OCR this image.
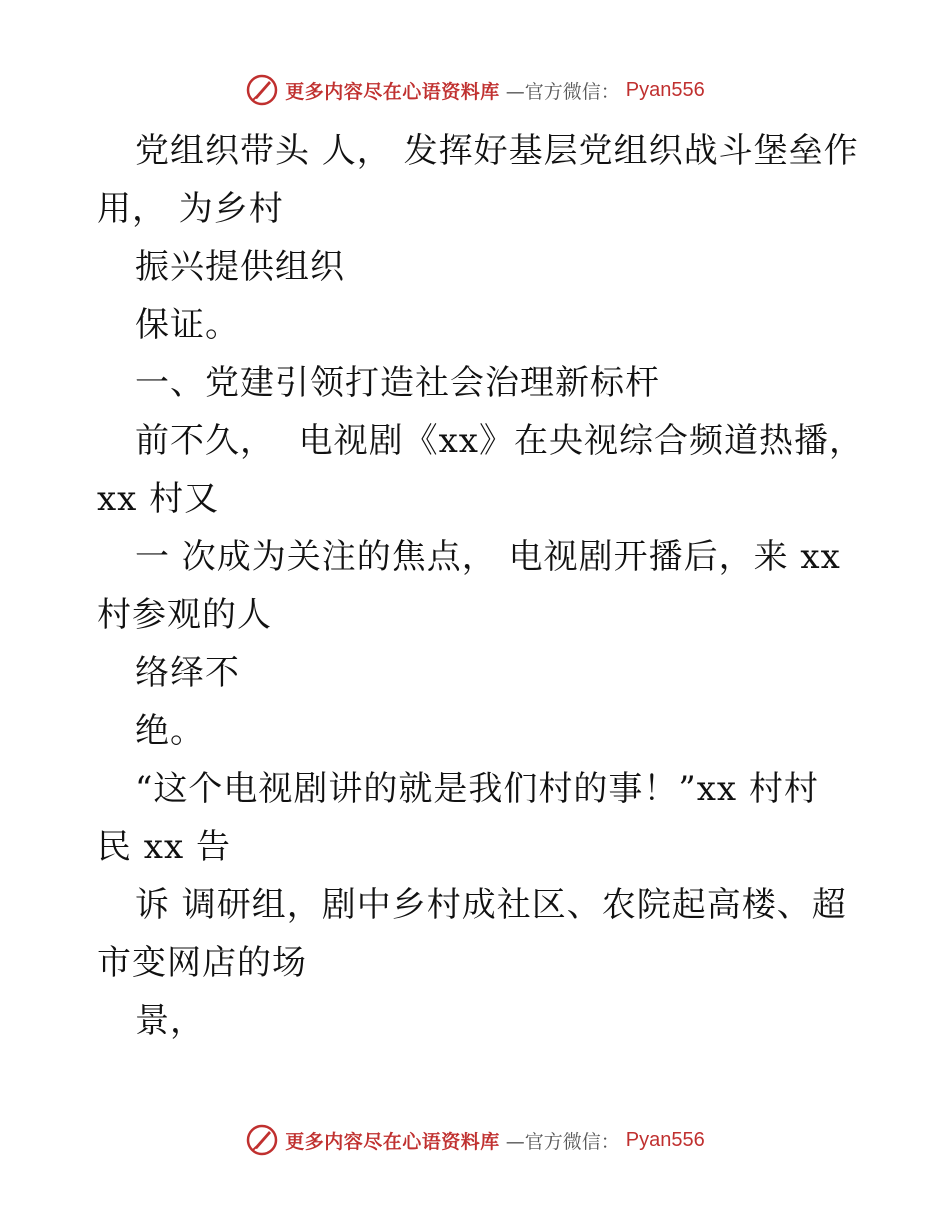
更多内容尽在心语资料库 —官方微信： Pyan556
党组织带头 人， 发挥好基层党组织战斗堡垒作
用， 为乡村
振兴提供组织
保证。
一、党建引领打造社会治理新标杆
前不久，  电视剧《xx》在央视综合频道热播，
xx 村又
一 次成为关注的焦点， 电视剧开播后，来 xx
村参观的人
络绎不
绝。
“这个电视剧讲的就是我们村的事！”xx 村村
民 xx 告
诉 调研组，剧中乡村成社区、农院起高楼、超
市变网店的场
景，
更多内容尽在心语资料库 —官方微信： Pyan556
